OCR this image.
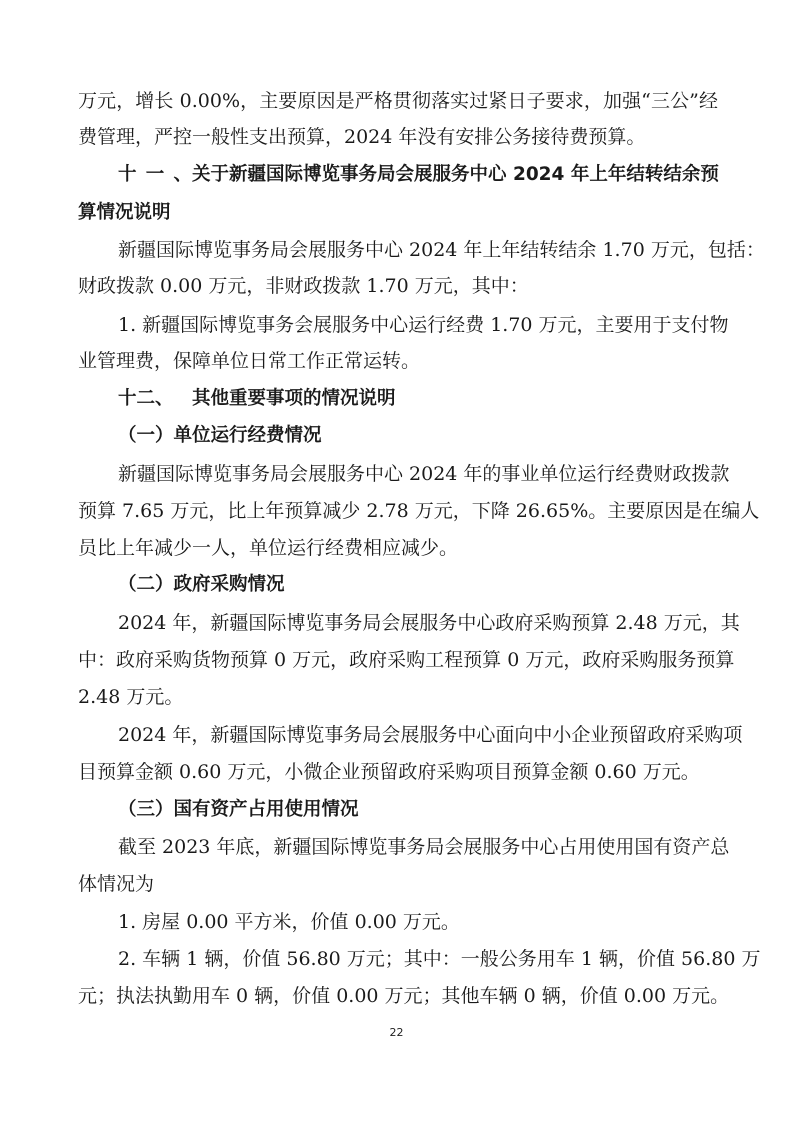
万元，增长 0.00%，主要原因是严格贯彻落实过紧日子要求，加强“三公”经
费管理，严控一般性支出预算，2024 年没有安排公务接待费预算。
十一、关于新疆国际博览事务局会展服务中心 2024 年上年结转结余预
算情况说明
新疆国际博览事务局会展服务中心 2024 年上年结转结余 1.70 万元，包括：
财政拨款 0.00 万元，非财政拨款 1.70 万元，其中：
1. 新疆国际博览事务会展服务中心运行经费 1.70 万元，主要用于支付物
业管理费，保障单位日常工作正常运转。
十二、 其他重要事项的情况说明
（一）单位运行经费情况
新疆国际博览事务局会展服务中心 2024 年的事业单位运行经费财政拨款
预算 7.65 万元，比上年预算减少 2.78 万元，下降 26.65%。主要原因是在编人
员比上年减少一人，单位运行经费相应减少。
（二）政府采购情况
2024 年，新疆国际博览事务局会展服务中心政府采购预算 2.48 万元，其
中：政府采购货物预算 0 万元，政府采购工程预算 0 万元，政府采购服务预算
2.48 万元。
2024 年，新疆国际博览事务局会展服务中心面向中小企业预留政府采购项
目预算金额 0.60 万元，小微企业预留政府采购项目预算金额 0.60 万元。
（三）国有资产占用使用情况
截至 2023 年底，新疆国际博览事务局会展服务中心占用使用国有资产总
体情况为
1. 房屋 0.00 平方米，价值 0.00 万元。
2. 车辆 1 辆，价值 56.80 万元；其中：一般公务用车 1 辆，价值 56.80 万
元；执法执勤用车 0 辆，价值 0.00 万元；其他车辆 0 辆，价值 0.00 万元。
22
